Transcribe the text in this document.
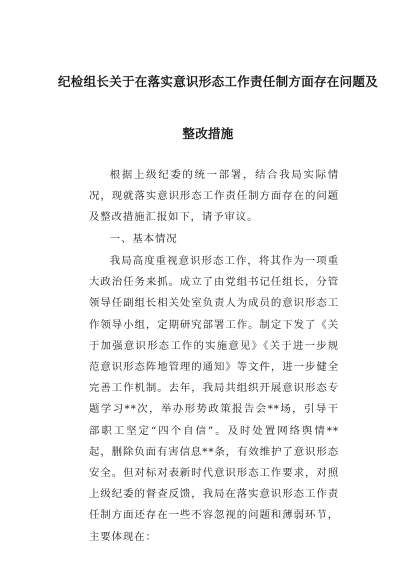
纪检组长关于在落实意识形态工作责任制方面存在问题及
整改措施

根据上级纪委的统一部署，结合我局实际情况，现就落实意识形态工作责任制方面存在的问题及整改措施汇报如下，请予审议。

一、基本情况

我局高度重视意识形态工作，将其作为一项重大政治任务来抓。成立了由党组书记任组长，分管领导任副组长相关处室负责人为成员的意识形态工作领导小组，定期研究部署工作。制定下发了《关于加强意识形态工作的实施意见》《关于进一步规范意识形态阵地管理的通知》等文件，进一步健全完善工作机制。去年，我局共组织开展意识形态专题学习**次，举办形势政策报告会**场，引导干部职工坚定“四个自信”。及时处置网络舆情**起，删除负面有害信息**条，有效维护了意识形态安全。但对标对表新时代意识形态工作要求，对照上级纪委的督查反馈，我局在落实意识形态工作责任制方面还存在一些不容忽视的问题和薄弱环节，主要体现在：
